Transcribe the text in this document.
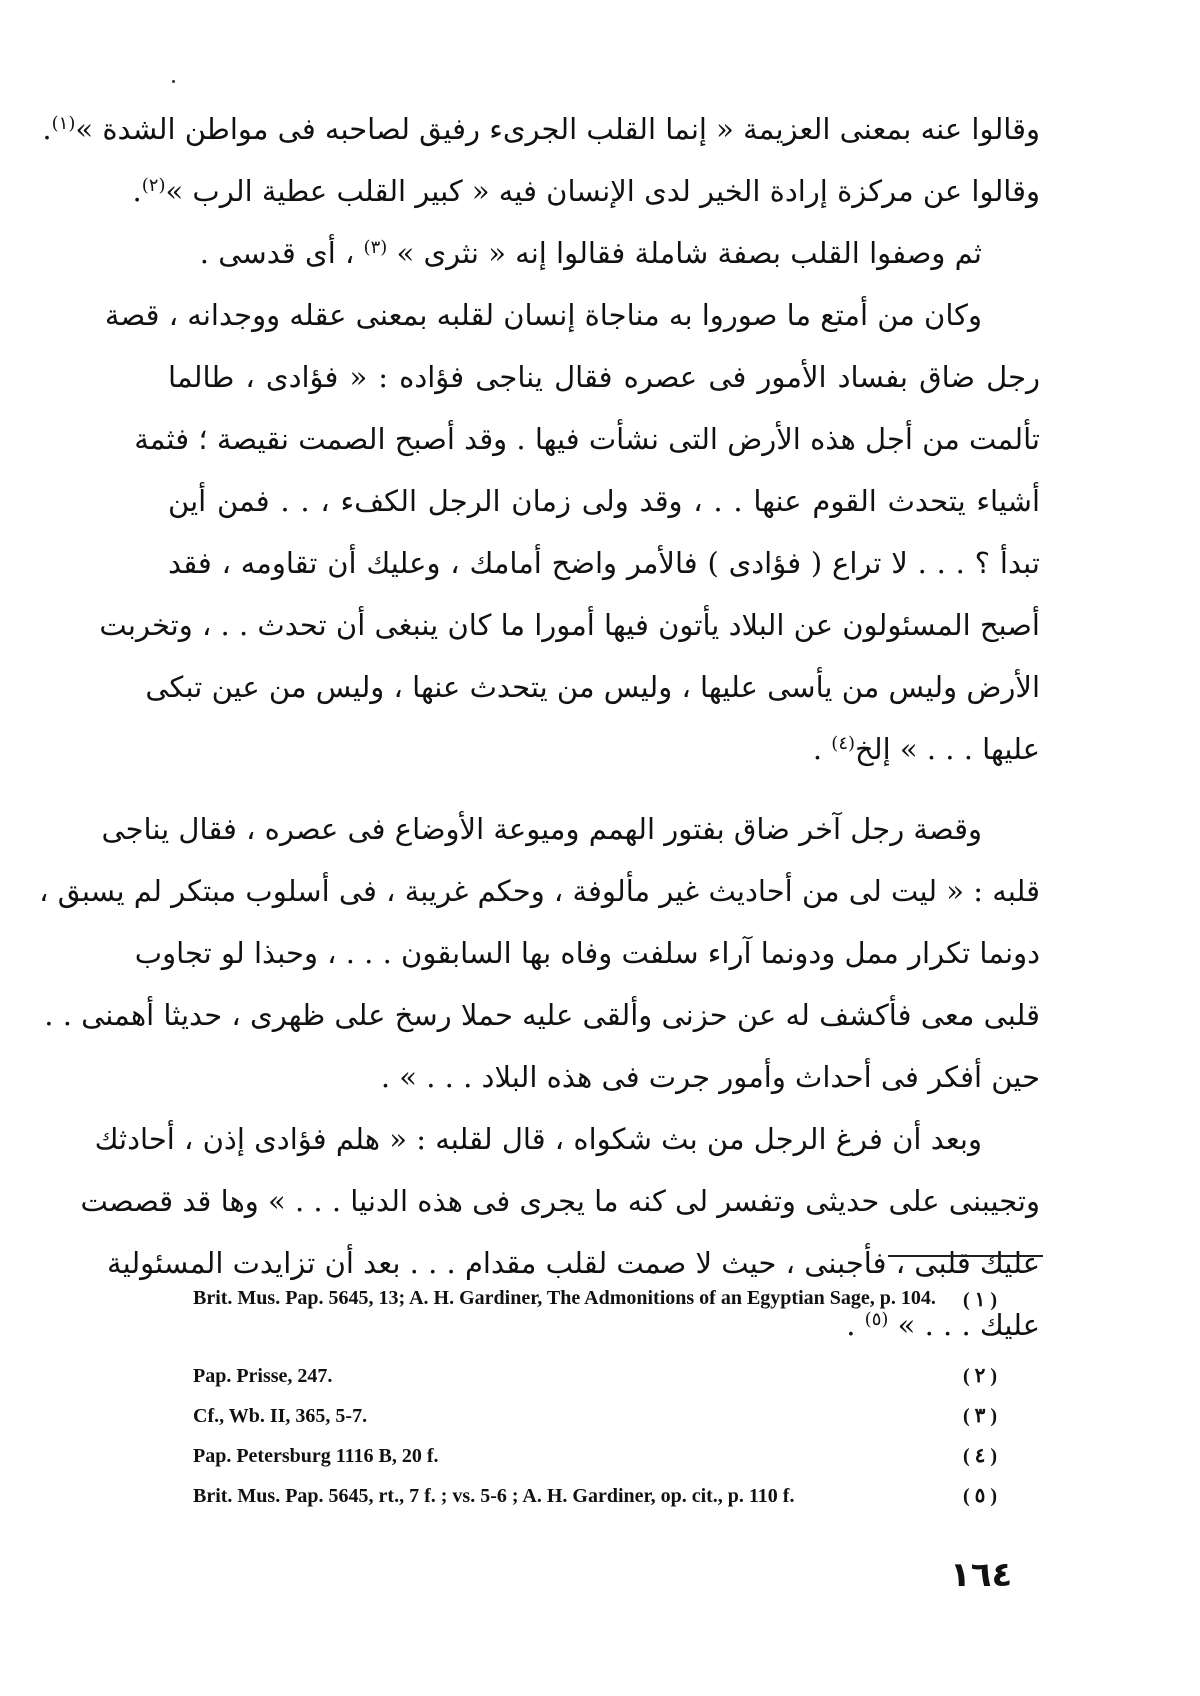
وقالوا عنه بمعنى العزيمة « إنما القلب الجرىء رفيق لصاحبه فى مواطن الشدة »$^{(١)}$.
وقالوا عن مركزة إرادة الخير لدى الإنسان فيه « كبير القلب عطية الرب »$^{(٢)}$.
ثم وصفوا القلب بصفة شاملة فقالوا إنه « نثرى » $^{(٣)}$ ، أى قدسى .
وكان من أمتع ما صوروا به مناجاة إنسان لقلبه بمعنى عقله ووجدانه ، قصة
رجل ضاق بفساد الأمور فى عصره فقال يناجى فؤاده : « فؤادى ، طالما
تألمت من أجل هذه الأرض التى نشأت فيها . وقد أصبح الصمت نقيصة ؛ فثمة
أشياء يتحدث القوم عنها . . ، وقد ولى زمان الرجل الكفء ، . . فمن أين
تبدأ ؟ . . . لا تراع ( فؤادى ) فالأمر واضح أمامك ، وعليك أن تقاومه ، فقد
أصبح المسئولون عن البلاد يأتون فيها أمورا ما كان ينبغى أن تحدث . . ، وتخربت
الأرض وليس من يأسى عليها ، وليس من يتحدث عنها ، وليس من عين تبكى
عليها . . . » إلخ$^{(٤)}$ .
وقصة رجل آخر ضاق بفتور الهمم وميوعة الأوضاع فى عصره ، فقال يناجى
قلبه : « ليت لى من أحاديث غير مألوفة ، وحكم غريبة ، فى أسلوب مبتكر لم يسبق ،
دونما تكرار ممل ودونما آراء سلفت وفاه بها السابقون . . . ، وحبذا لو تجاوب
قلبى معى فأكشف له عن حزنى وألقى عليه حملا رسخ على ظهرى ، حديثا أهمنى . .
حين أفكر فى أحداث وأمور جرت فى هذه البلاد . . . » .
وبعد أن فرغ الرجل من بث شكواه ، قال لقلبه : « هلم فؤادى إذن ، أحادثك
وتجيبنى على حديثى وتفسر لى كنه ما يجرى فى هذه الدنيا . . . » وها قد قصصت
عليك قلبى ، فأجبنى ، حيث لا صمت لقلب مقدام . . . بعد أن تزايدت المسئولية
عليك . . . » $^{(٥)}$ .
( ١ )
Brit. Mus. Pap. 5645, 13; A. H. Gardiner, The Admonitions of an Egyptian Sage, p. 104.
( ٢ )
Pap. Prisse, 247.
( ٣ )
Cf., Wb. II, 365, 5-7.
( ٤ )
Pap. Petersburg 1116 B, 20 f.
( ٥ )
Brit. Mus. Pap. 5645, rt., 7 f. ; vs. 5-6 ; A. H. Gardiner, op. cit., p. 110 f.
١٦٤
